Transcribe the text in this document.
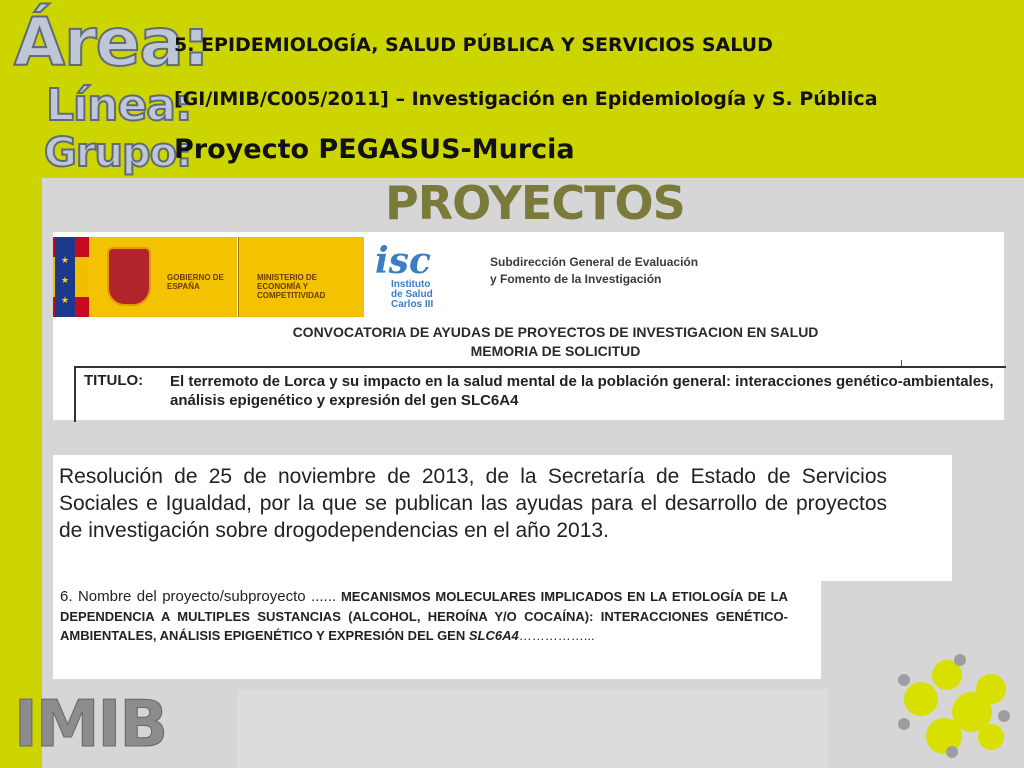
Área:
Línea:
Grupo:
5. EPIDEMIOLOGÍA, SALUD PÚBLICA Y SERVICIOS SALUD
[GI/IMIB/C005/2011] – Investigación en Epidemiología y S. Pública
Proyecto PEGASUS-Murcia
PROYECTOS
★
★
★
GOBIERNO DE ESPAÑA
MINISTERIO DE ECONOMÍA Y COMPETITIVIDAD
isc
Instituto de Salud Carlos III
Subdirección General de Evaluación y Fomento de la Investigación
CONVOCATORIA DE AYUDAS DE PROYECTOS DE INVESTIGACION EN SALUD
MEMORIA DE SOLICITUD
TITULO: El terremoto de Lorca y su impacto en la salud mental de la población general: interacciones genético-ambientales, análisis epigenético y expresión del gen SLC6A4
Resolución de 25 de noviembre de 2013, de la Secretaría de Estado de Servicios Sociales e Igualdad, por la que se publican las ayudas para el desarrollo de proyectos de investigación sobre drogodependencias en el año 2013.
6. Nombre del proyecto/subproyecto ...... MECANISMOS MOLECULARES IMPLICADOS EN LA ETIOLOGÍA DE LA DEPENDENCIA A MULTIPLES SUSTANCIAS (ALCOHOL, HEROÍNA Y/O COCAÍNA): INTERACCIONES GENÉTICO-AMBIENTALES, ANÁLISIS EPIGENÉTICO Y EXPRESIÓN DEL GEN SLC6A4……………...
IMIB
